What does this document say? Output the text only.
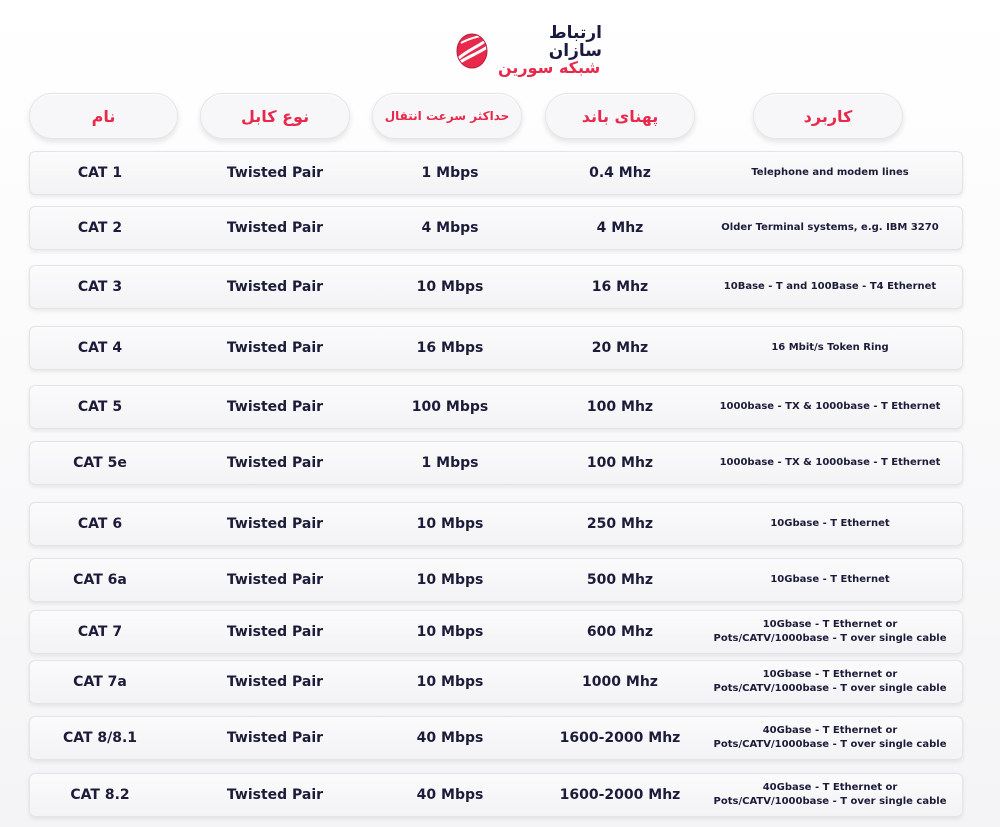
ارتباط سازان
شبکه سورین
نام	نوع کابل	حداکثر سرعت انتقال	پهنای باند	کاربرد
CAT 1	Twisted Pair	1 Mbps	0.4 Mhz	Telephone and modem lines
CAT 2	Twisted Pair	4 Mbps	4 Mhz	Older Terminal systems, e.g. IBM 3270
CAT 3	Twisted Pair	10 Mbps	16 Mhz	10Base - T and 100Base - T4 Ethernet
CAT 4	Twisted Pair	16 Mbps	20 Mhz	16 Mbit/s Token Ring
CAT 5	Twisted Pair	100 Mbps	100 Mhz	1000base - TX & 1000base - T Ethernet
CAT 5e	Twisted Pair	1 Mbps	100 Mhz	1000base - TX & 1000base - T Ethernet
CAT 6	Twisted Pair	10 Mbps	250 Mhz	10Gbase - T Ethernet
CAT 6a	Twisted Pair	10 Mbps	500 Mhz	10Gbase - T Ethernet
CAT 7	Twisted Pair	10 Mbps	600 Mhz	10Gbase - T Ethernet or
Pots/CATV/1000base - T over single cable
CAT 7a	Twisted Pair	10 Mbps	1000 Mhz	10Gbase - T Ethernet or
Pots/CATV/1000base - T over single cable
CAT 8/8.1	Twisted Pair	40 Mbps	1600-2000 Mhz	40Gbase - T Ethernet or
Pots/CATV/1000base - T over single cable
CAT 8.2	Twisted Pair	40 Mbps	1600-2000 Mhz	40Gbase - T Ethernet or
Pots/CATV/1000base - T over single cable
